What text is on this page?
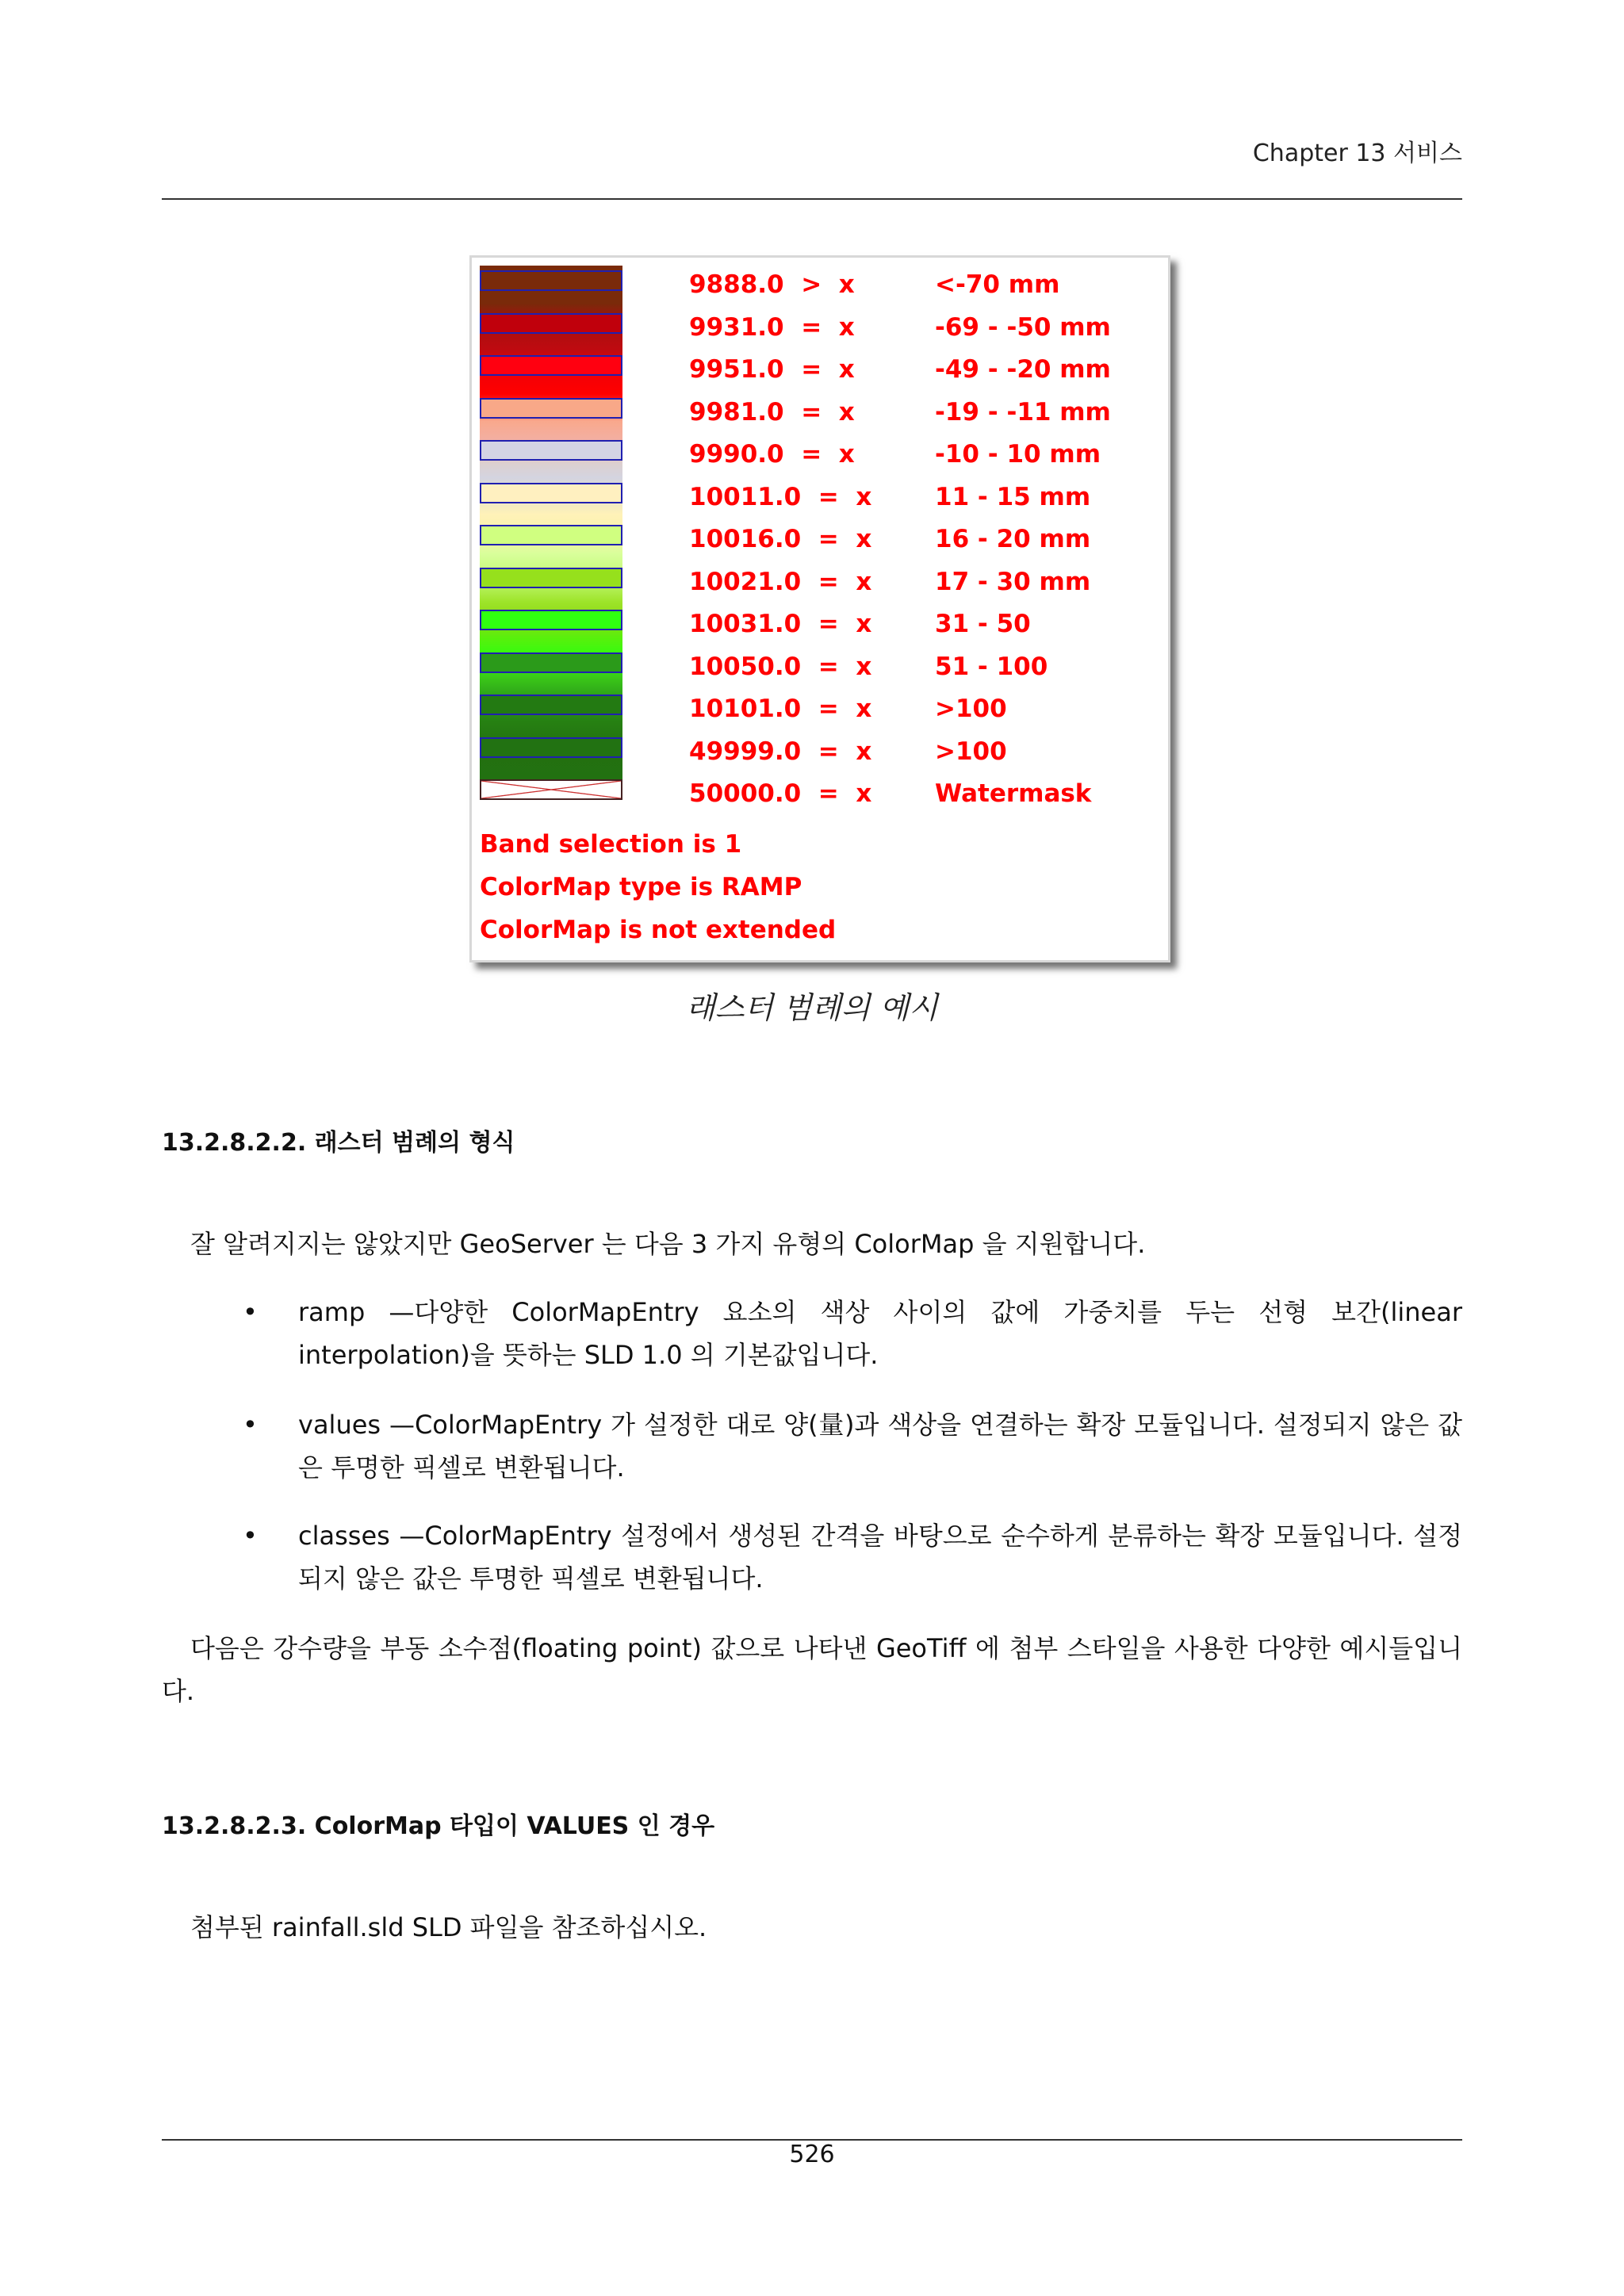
Chapter 13 서비스
9888.0  >  x	<-70 mm
9931.0  =  x	-69 - -50 mm
9951.0  =  x	-49 - -20 mm
9981.0  =  x	-19 - -11 mm
9990.0  =  x	-10 - 10 mm
10011.0  =  x	11 - 15 mm
10016.0  =  x	16 - 20 mm
10021.0  =  x	17 - 30 mm
10031.0  =  x	31 - 50
10050.0  =  x	51 - 100
10101.0  =  x	>100
49999.0  =  x	>100
50000.0  =  x	Watermask
Band selection is 1
ColorMap type is RAMP
ColorMap is not extended
래스터 범례의 예시
13.2.8.2.2. 래스터 범례의 형식
잘 알려지지는 않았지만 GeoServer 는 다음 3 가지 유형의 ColorMap 을 지원합니다.
• ramp —다양한 ColorMapEntry 요소의 색상 사이의 값에 가중치를 두는 선형 보간(linear interpolation)을 뜻하는 SLD 1.0 의 기본값입니다.
• values —ColorMapEntry 가 설정한 대로 양(量)과 색상을 연결하는 확장 모듈입니다. 설정되지 않은 값은 투명한 픽셀로 변환됩니다.
• classes —ColorMapEntry 설정에서 생성된 간격을 바탕으로 순수하게 분류하는 확장 모듈입니다. 설정되지 않은 값은 투명한 픽셀로 변환됩니다.
다음은 강수량을 부동 소수점(floating point) 값으로 나타낸 GeoTiff 에 첨부 스타일을 사용한 다양한 예시들입니다.
13.2.8.2.3. ColorMap 타입이 VALUES 인 경우
첨부된 rainfall.sld SLD 파일을 참조하십시오.
526
